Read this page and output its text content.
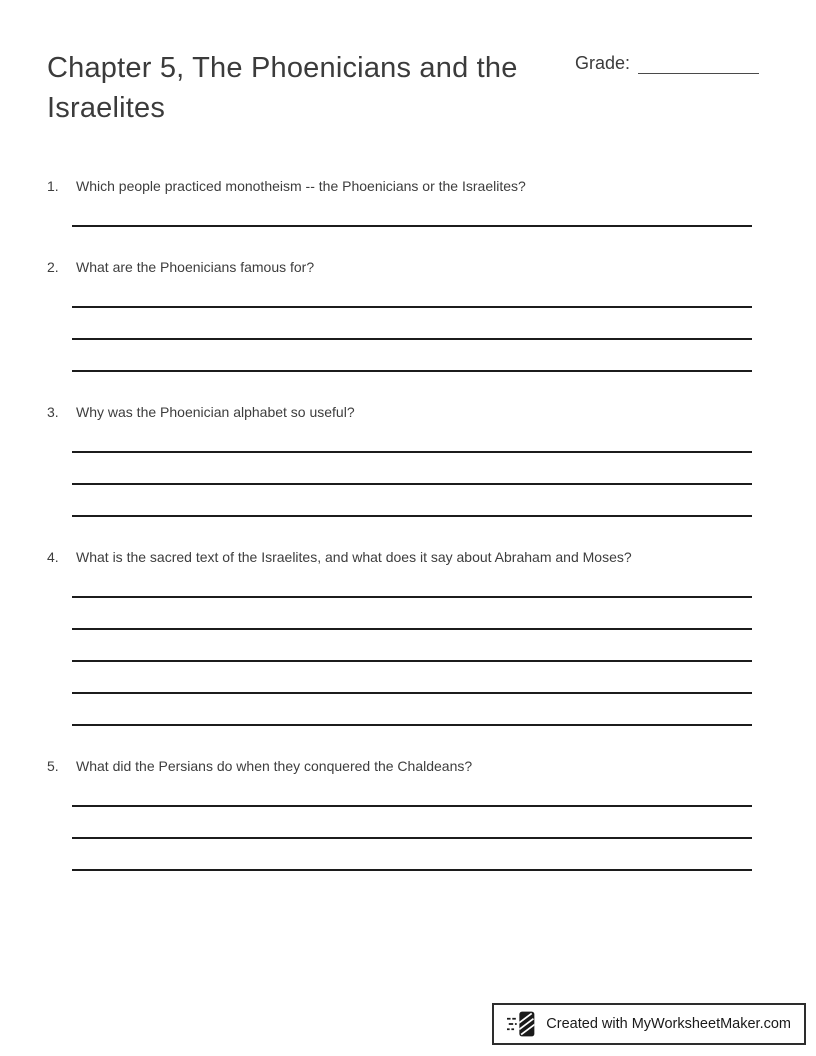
Chapter 5, The Phoenicians and the Israelites
Grade:
1.	Which people practiced monotheism -- the Phoenicians or the Israelites?
2.	What are the Phoenicians famous for?
3.	Why was the Phoenician alphabet so useful?
4.	What is the sacred text of the Israelites, and what does it say about Abraham and Moses?
5.	What did the Persians do when they conquered the Chaldeans?
Created with MyWorksheetMaker.com
